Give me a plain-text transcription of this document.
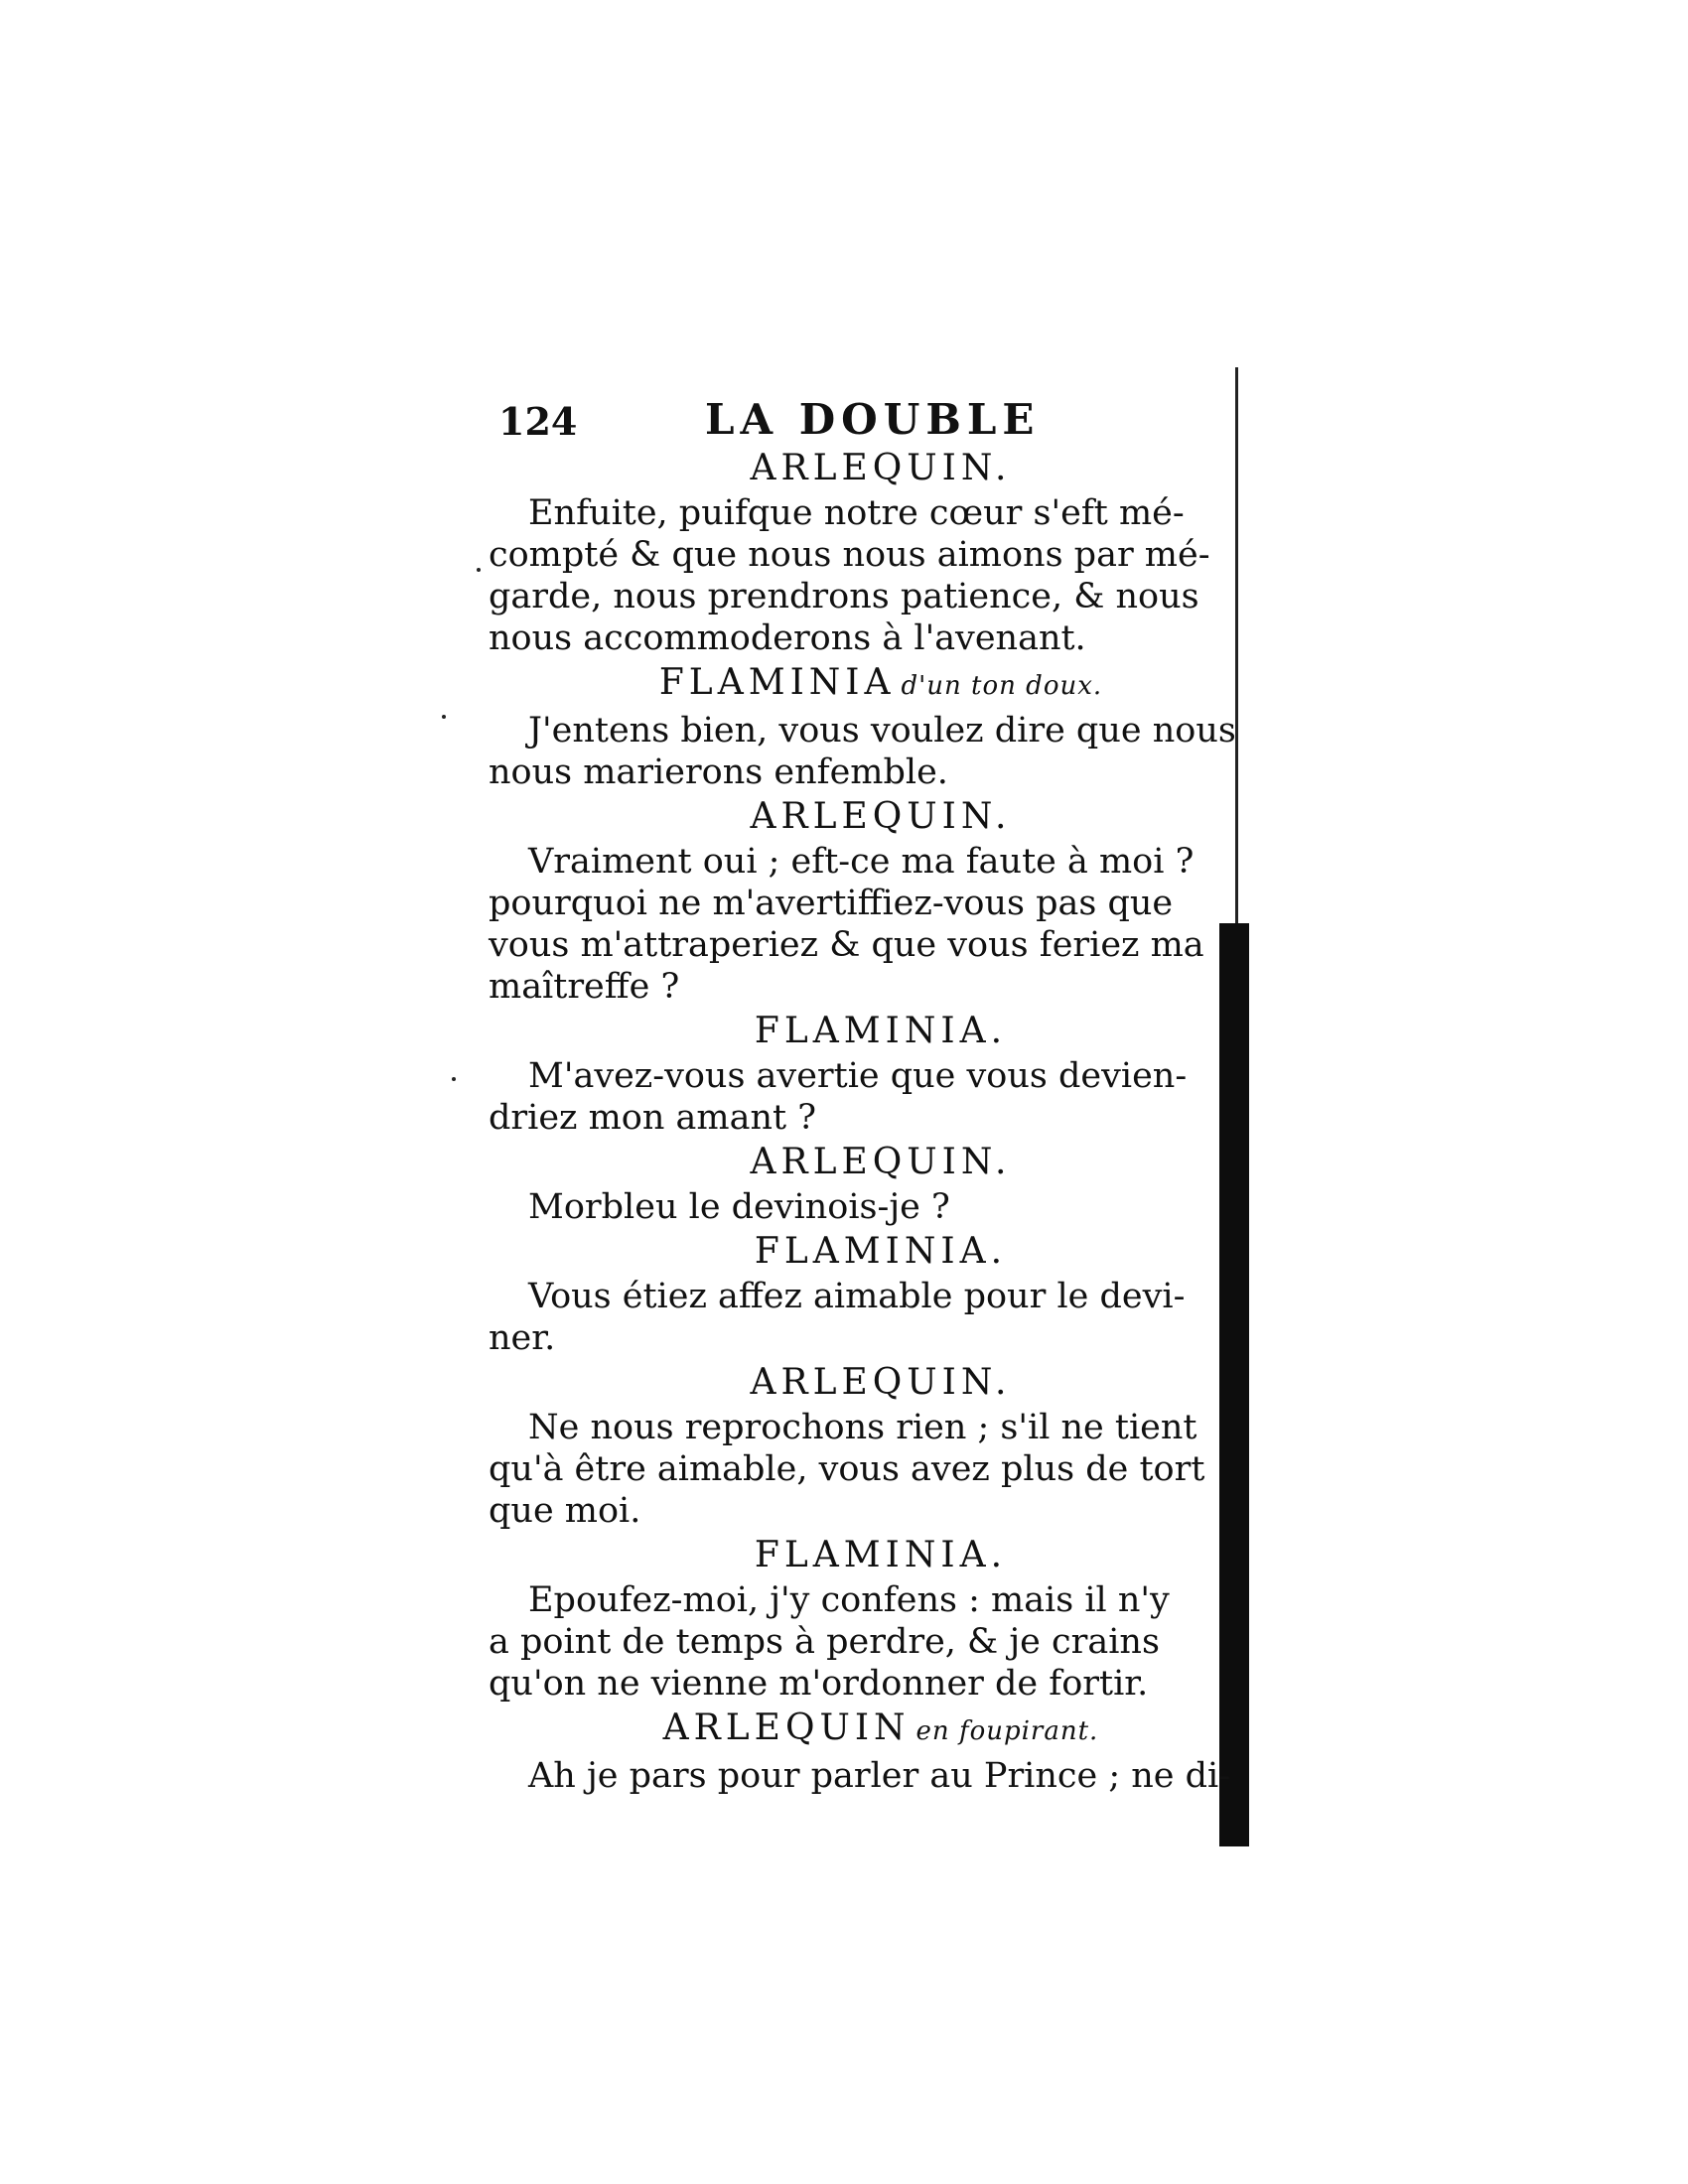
124	LA DOUBLE

ARLEQUIN.

Enfuite, puifque notre cœur s'eft mé-
compté & que nous nous aimons par mé-
garde, nous prendrons patience, & nous
nous accommoderons à l'avenant.

FLAMINIA d'un ton doux.

J'entens bien, vous voulez dire que nous
nous marierons enfemble.

ARLEQUIN.

Vraiment oui ; eft-ce ma faute à moi ?
pourquoi ne m'avertiffiez-vous pas que
vous m'attraperiez & que vous feriez ma
maîtreffe ?

FLAMINIA.

M'avez-vous avertie que vous devien-
driez mon amant ?

ARLEQUIN.

Morbleu le devinois-je ?

FLAMINIA.

Vous étiez affez aimable pour le devi-
ner.

ARLEQUIN.

Ne nous reprochons rien ; s'il ne tient
qu'à être aimable, vous avez plus de tort
que moi.

FLAMINIA.

Epoufez-moi, j'y confens : mais il n'y
a point de temps à perdre, & je crains
qu'on ne vienne m'ordonner de fortir.

ARLEQUIN en foupirant.

Ah je pars pour parler au Prince ; ne di-
